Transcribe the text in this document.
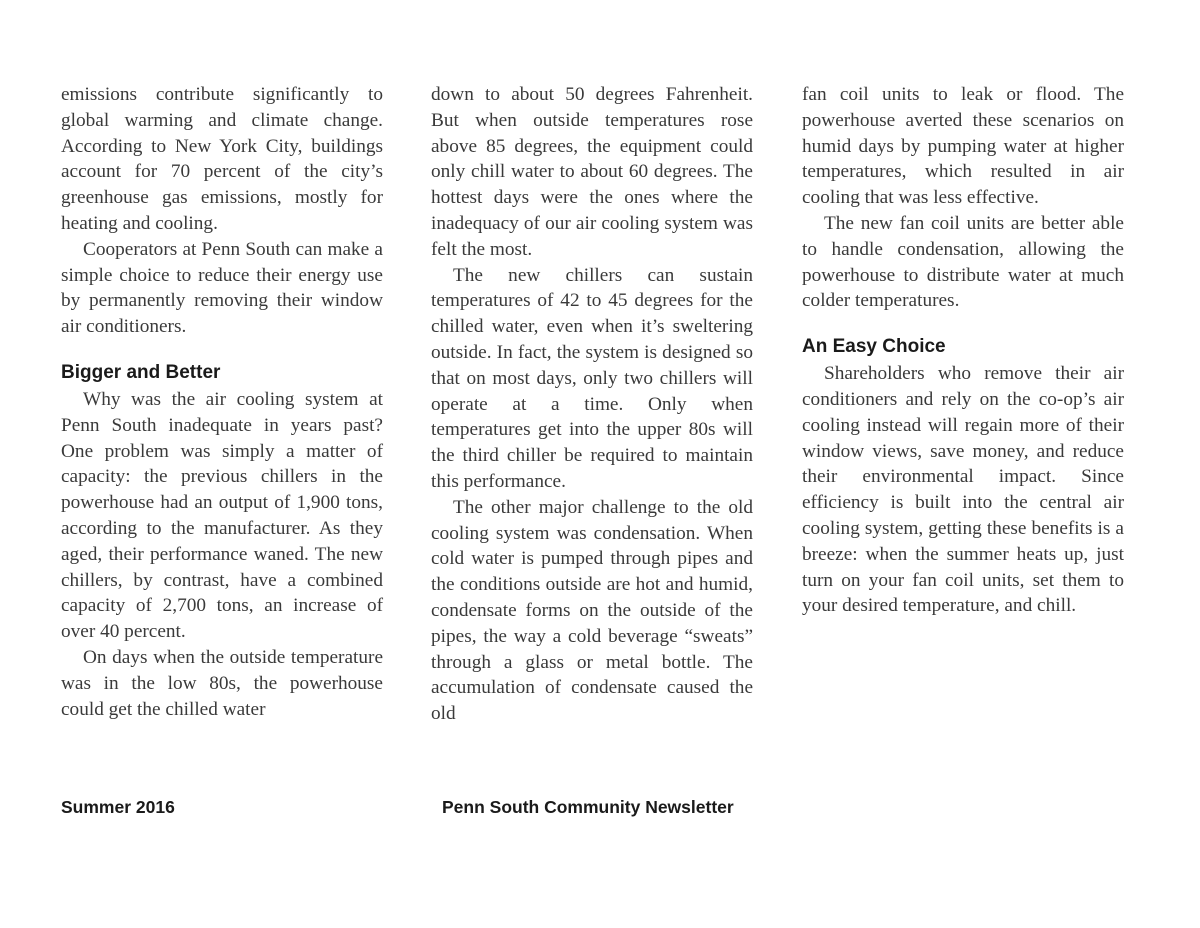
emissions contribute significantly to global warming and climate change. According to New York City, buildings account for 70 percent of the city’s greenhouse gas emissions, mostly for heating and cooling.

Cooperators at Penn South can make a simple choice to reduce their energy use by permanently removing their window air conditioners.

Bigger and Better

Why was the air cooling system at Penn South inadequate in years past? One problem was simply a matter of capacity: the previous chillers in the powerhouse had an output of 1,900 tons, according to the manufacturer. As they aged, their performance waned. The new chillers, by contrast, have a combined capacity of 2,700 tons, an increase of over 40 percent.

On days when the outside temperature was in the low 80s, the powerhouse could get the chilled water

down to about 50 degrees Fahrenheit. But when outside temperatures rose above 85 degrees, the equipment could only chill water to about 60 degrees. The hottest days were the ones where the inadequacy of our air cooling system was felt the most.

The new chillers can sustain temperatures of 42 to 45 degrees for the chilled water, even when it’s sweltering outside. In fact, the system is designed so that on most days, only two chillers will operate at a time. Only when temperatures get into the upper 80s will the third chiller be required to maintain this performance.

The other major challenge to the old cooling system was condensation. When cold water is pumped through pipes and the conditions outside are hot and humid, condensate forms on the outside of the pipes, the way a cold beverage “sweats” through a glass or metal bottle. The accumulation of condensate caused the old

fan coil units to leak or flood. The powerhouse averted these scenarios on humid days by pumping water at higher temperatures, which resulted in air cooling that was less effective.

The new fan coil units are better able to handle condensation, allowing the powerhouse to distribute water at much colder temperatures.

An Easy Choice

Shareholders who remove their air conditioners and rely on the co-op’s air cooling instead will regain more of their window views, save money, and reduce their environmental impact. Since efficiency is built into the central air cooling system, getting these benefits is a breeze: when the summer heats up, just turn on your fan coil units, set them to your desired temperature, and chill.

Summer 2016	Penn South Community Newsletter
